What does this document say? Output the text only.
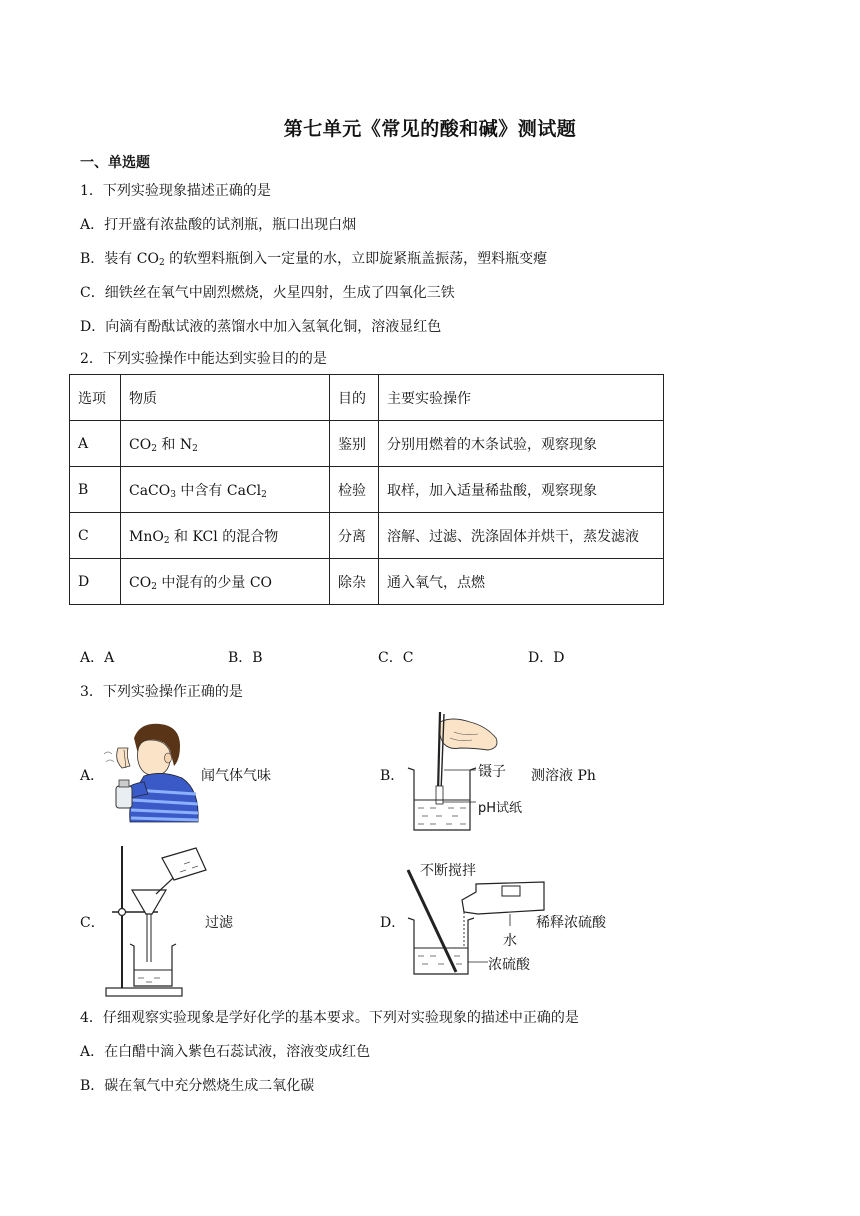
第七单元《常见的酸和碱》测试题
一、单选题
1．下列实验现象描述正确的是
A．打开盛有浓盐酸的试剂瓶，瓶口出现白烟
B．装有 $CO_2$ 的软塑料瓶倒入一定量的水，立即旋紧瓶盖振荡，塑料瓶变瘪
C．细铁丝在氧气中剧烈燃烧，火星四射，生成了四氧化三铁
D．向滴有酚酞试液的蒸馏水中加入氢氧化铜，溶液显红色
2．下列实验操作中能达到实验目的的是
选项	物质	目的	主要实验操作
A	$CO_2$ 和 $N_2$	鉴别	分别用燃着的木条试验，观察现象
B	CaCO$_3$ 中含有 CaCl$_2$	检验	取样，加入适量稀盐酸，观察现象
C	MnO$_2$ 和 KCl 的混合物	分离	溶解、过滤、洗涤固体并烘干，蒸发滤液
D	$CO_2$ 中混有的少量 CO	除杂	通入氧气，点燃
A．A	B．B	C．C	D．D
3．下列实验操作正确的是
A．	闻气体气味	B．	镊子
pH试纸
测溶液 Ph
C．	过滤	D．
不断搅拌
水
浓硫酸
稀释浓硫酸
4．仔细观察实验现象是学好化学的基本要求。下列对实验现象的描述中正确的是
A．在白醋中滴入紫色石蕊试液，溶液变成红色
B．碳在氧气中充分燃烧生成二氧化碳
